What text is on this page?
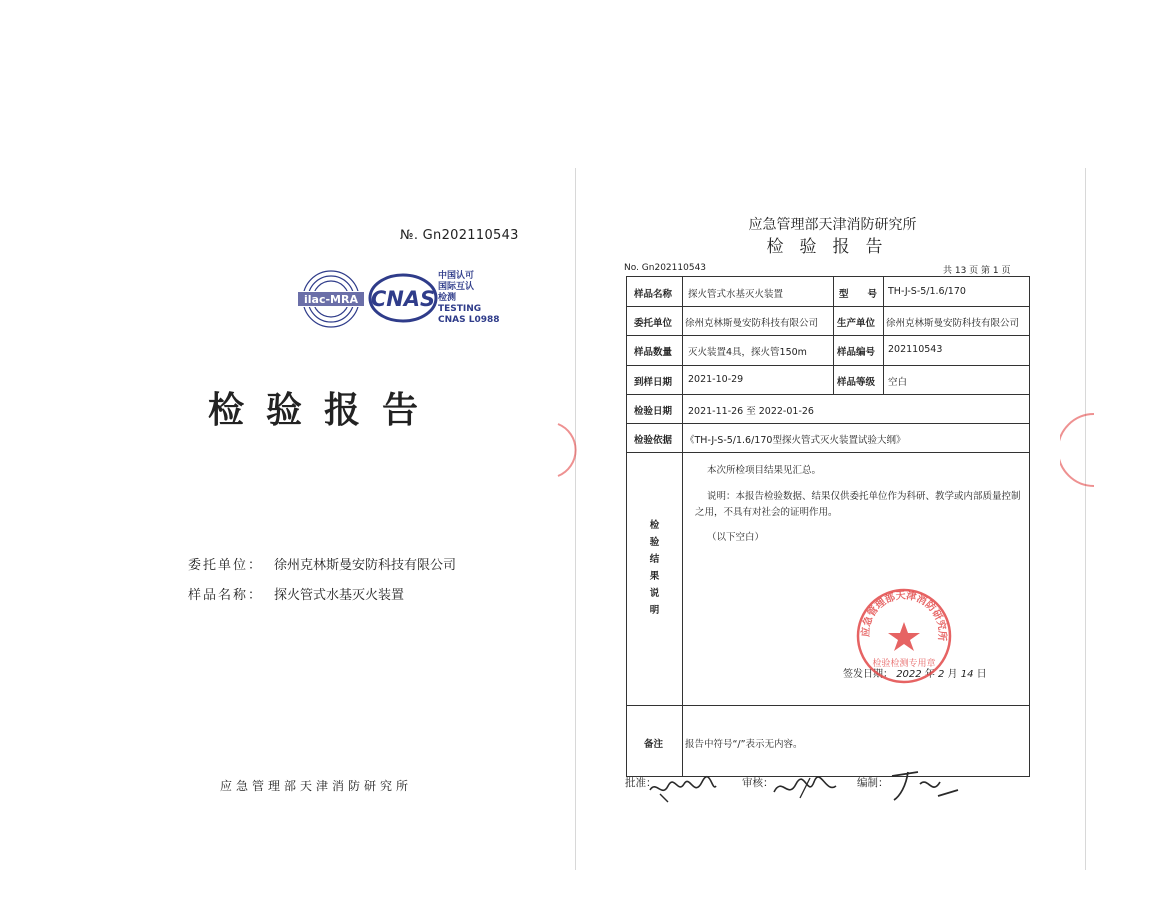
№. Gn202110543
ilac-MRA CNAS
中国认可
国际互认
检测
TESTING
CNAS L0988
检验报告
委托单位： 徐州克林斯曼安防科技有限公司
样品名称： 探火管式水基灭火装置
应急管理部天津消防研究所
应急管理部天津消防研究所
检验报告
No. Gn202110543	共 13 页 第 1 页
样品名称 探火管式水基灭火装置	型　　号 TH-J-S-5/1.6/170
委托单位 徐州克林斯曼安防科技有限公司 生产单位 徐州克林斯曼安防科技有限公司
样品数量 灭火装置4具，探火管150m	样品编号 202110543
到样日期 2021-10-29	样品等级 空白
检验日期 2021-11-26 至 2022-01-26
检验依据 《TH-J-S-5/1.6/170型探火管式灭火装置试验大纲》
检
验
结
果
说
明
本次所检项目结果见汇总。
说明：本报告检验数据、结果仅供委托单位作为科研、教学或内部质量控制之用，不具有对社会的证明作用。
（以下空白）
签发日期： 2022 年 2 月 14 日
备注 报告中符号“/”表示无内容。
应急管理部天津消防研究所
检验检测专用章
批准：	审核：	编制：
